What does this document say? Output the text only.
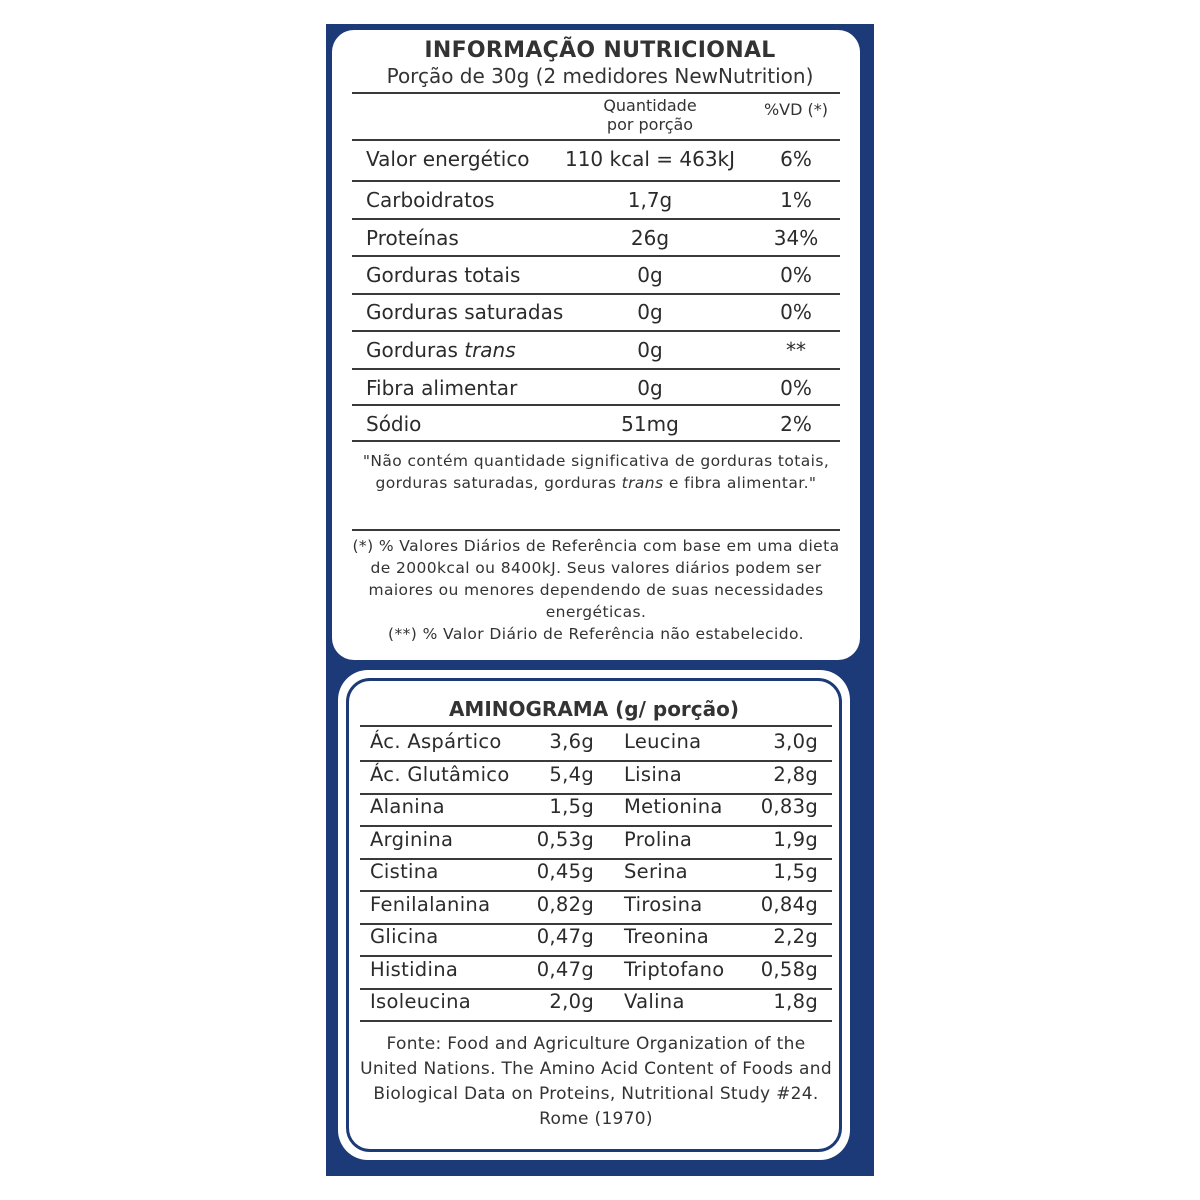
INFORMAÇÃO NUTRICIONAL
Porção de 30g (2 medidores NewNutrition)
Quantidade
por porção
%VD (*)
Valor energético 110 kcal = 463kJ	6%
Carboidratos	1,7g	1%
Proteínas	26g	34%
Gorduras totais	0g	0%
Gorduras saturadas	0g	0%
Gorduras trans	0g	**
Fibra alimentar	0g	0%
Sódio	51mg	2%
"Não contém quantidade significativa de gorduras totais, gorduras saturadas, gorduras trans e fibra alimentar."
(*) % Valores Diários de Referência com base em uma dieta de 2000kcal ou 8400kJ. Seus valores diários podem ser maiores ou menores dependendo de suas necessidades energéticas.
(**) % Valor Diário de Referência não estabelecido.
AMINOGRAMA (g/ porção)
Ác. Aspártico	3,6g Leucina	3,0g
Ác. Glutâmico	5,4g Lisina	2,8g
Alanina	1,5g Metionina	0,83g
Arginina	0,53g Prolina	1,9g
Cistina	0,45g Serina	1,5g
Fenilalanina	0,82g Tirosina	0,84g
Glicina	0,47g Treonina	2,2g
Histidina	0,47g Triptofano	0,58g
Isoleucina	2,0g Valina	1,8g
Fonte: Food and Agriculture Organization of the United Nations. The Amino Acid Content of Foods and Biological Data on Proteins, Nutritional Study #24. Rome (1970)
